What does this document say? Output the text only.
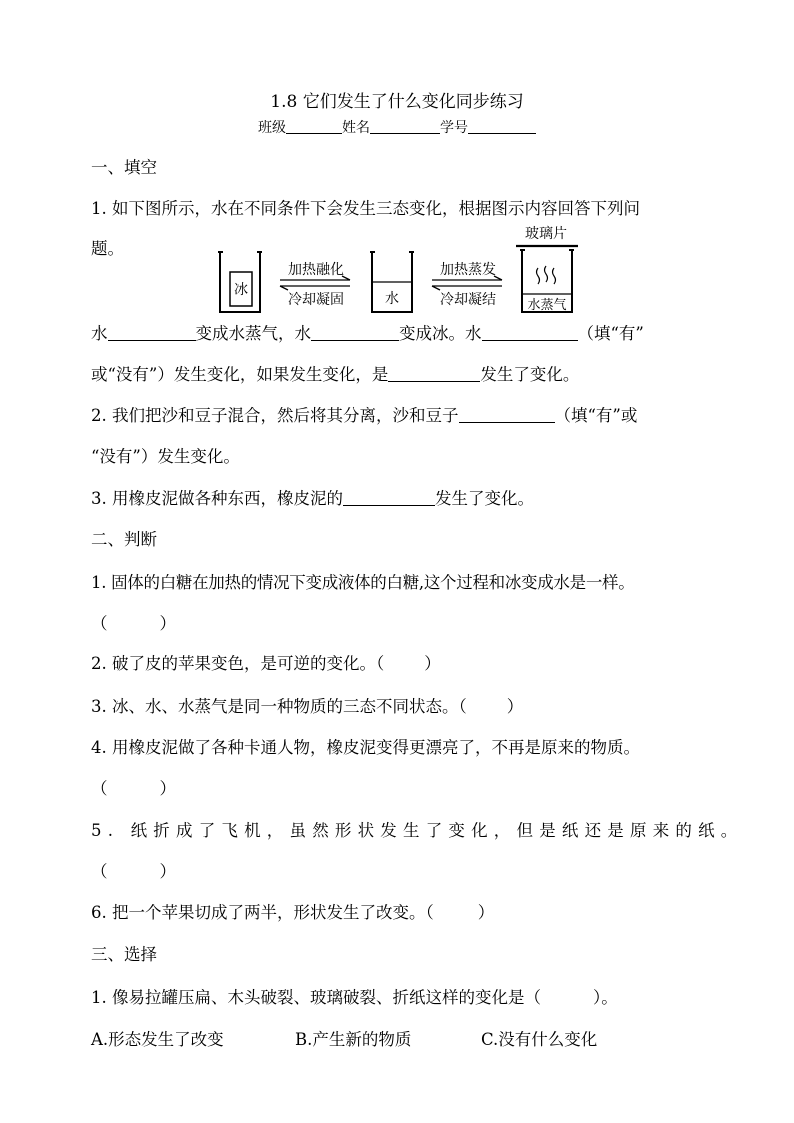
1.8 它们发生了什么变化同步练习
班级	姓名	学号
一、填空
1. 如下图所示，水在不同条件下会发生三态变化，根据图示内容回答下列问
题。
冰
加热融化
冷却凝固	水
加热蒸发
冷却凝结
玻璃片
水蒸气
水	变成水蒸气，水	变成冰。水	（填“有”
或“没有”）发生变化，如果发生变化，是	发生了变化。
2. 我们把沙和豆子混合，然后将其分离，沙和豆子	（填“有”或
“没有”）发生变化。
3. 用橡皮泥做各种东西，橡皮泥的	发生了变化。
二、判断
1. 固体的白糖在加热的情况下变成液体的白糖,这个过程和冰变成水是一样。
（	）
2. 破了皮的苹果变色，是可逆的变化。（ ）
3. 冰、水、水蒸气是同一种物质的三态不同状态。（ ）
4. 用橡皮泥做了各种卡通人物，橡皮泥变得更漂亮了，不再是原来的物质。
（	）
5. 纸折成了飞机，虽然形状发生了变化，但是纸还是原来的纸。
（	）
6. 把一个苹果切成了两半，形状发生了改变。（	）
三、选择
1. 像易拉罐压扁、木头破裂、玻璃破裂、折纸这样的变化是（	）。
A.形态发生了改变	B.产生新的物质	C.没有什么变化
